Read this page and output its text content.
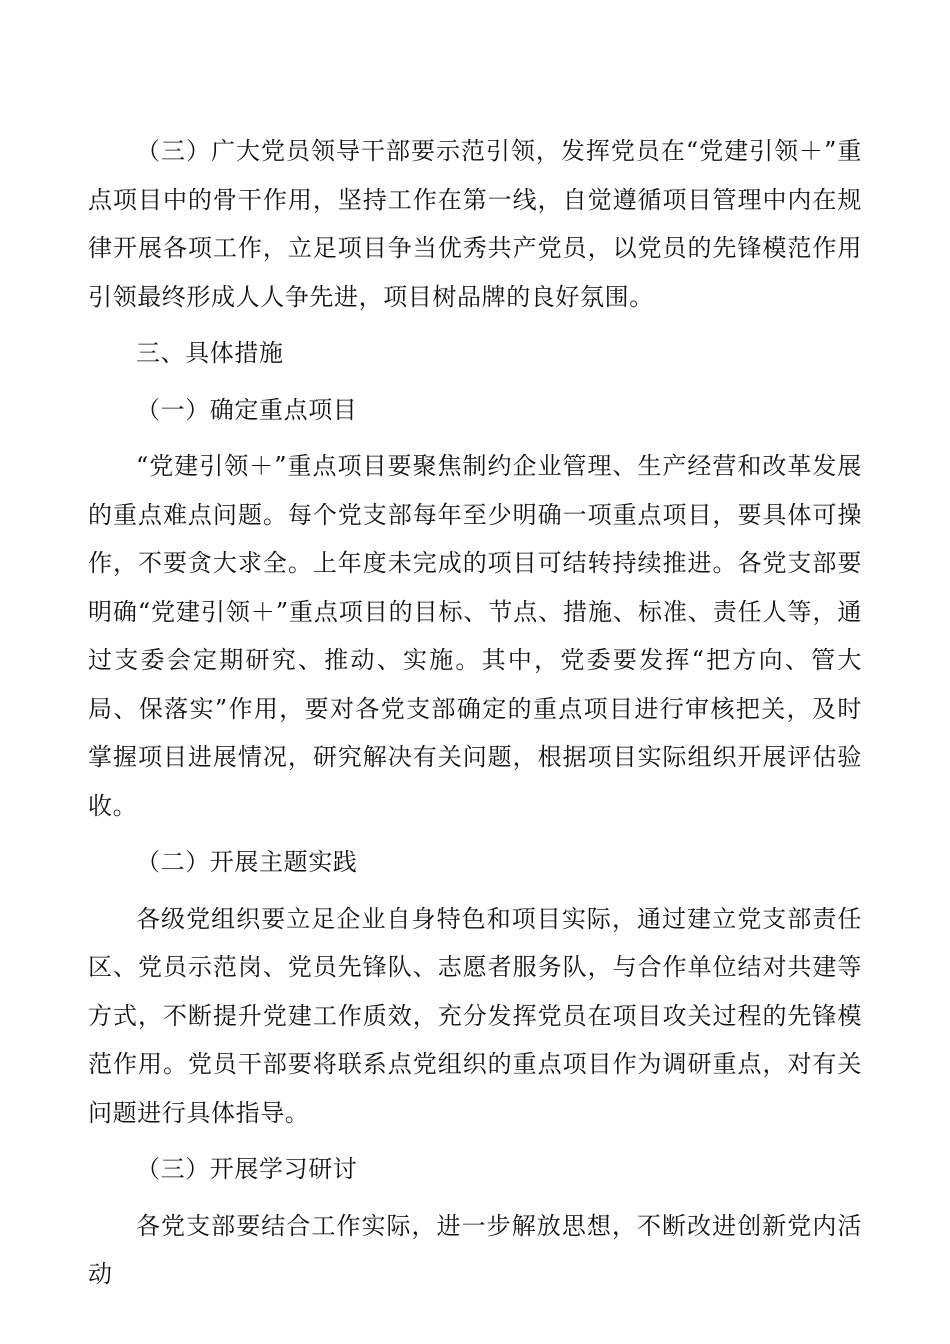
（三）广大党员领导干部要示范引领，发挥党员在“党建引领＋”重点项目中的骨干作用，坚持工作在第一线，自觉遵循项目管理中内在规律开展各项工作，立足项目争当优秀共产党员，以党员的先锋模范作用引领最终形成人人争先进，项目树品牌的良好氛围。

三、具体措施

（一）确定重点项目

“党建引领＋”重点项目要聚焦制约企业管理、生产经营和改革发展的重点难点问题。每个党支部每年至少明确一项重点项目，要具体可操作，不要贪大求全。上年度未完成的项目可结转持续推进。各党支部要明确“党建引领＋”重点项目的目标、节点、措施、标准、责任人等，通过支委会定期研究、推动、实施。其中，党委要发挥“把方向、管大局、保落实”作用，要对各党支部确定的重点项目进行审核把关，及时掌握项目进展情况，研究解决有关问题，根据项目实际组织开展评估验收。

（二）开展主题实践

各级党组织要立足企业自身特色和项目实际，通过建立党支部责任区、党员示范岗、党员先锋队、志愿者服务队，与合作单位结对共建等方式，不断提升党建工作质效，充分发挥党员在项目攻关过程的先锋模范作用。党员干部要将联系点党组织的重点项目作为调研重点，对有关问题进行具体指导。

（三）开展学习研讨

各党支部要结合工作实际，进一步解放思想，不断改进创新党内活动
